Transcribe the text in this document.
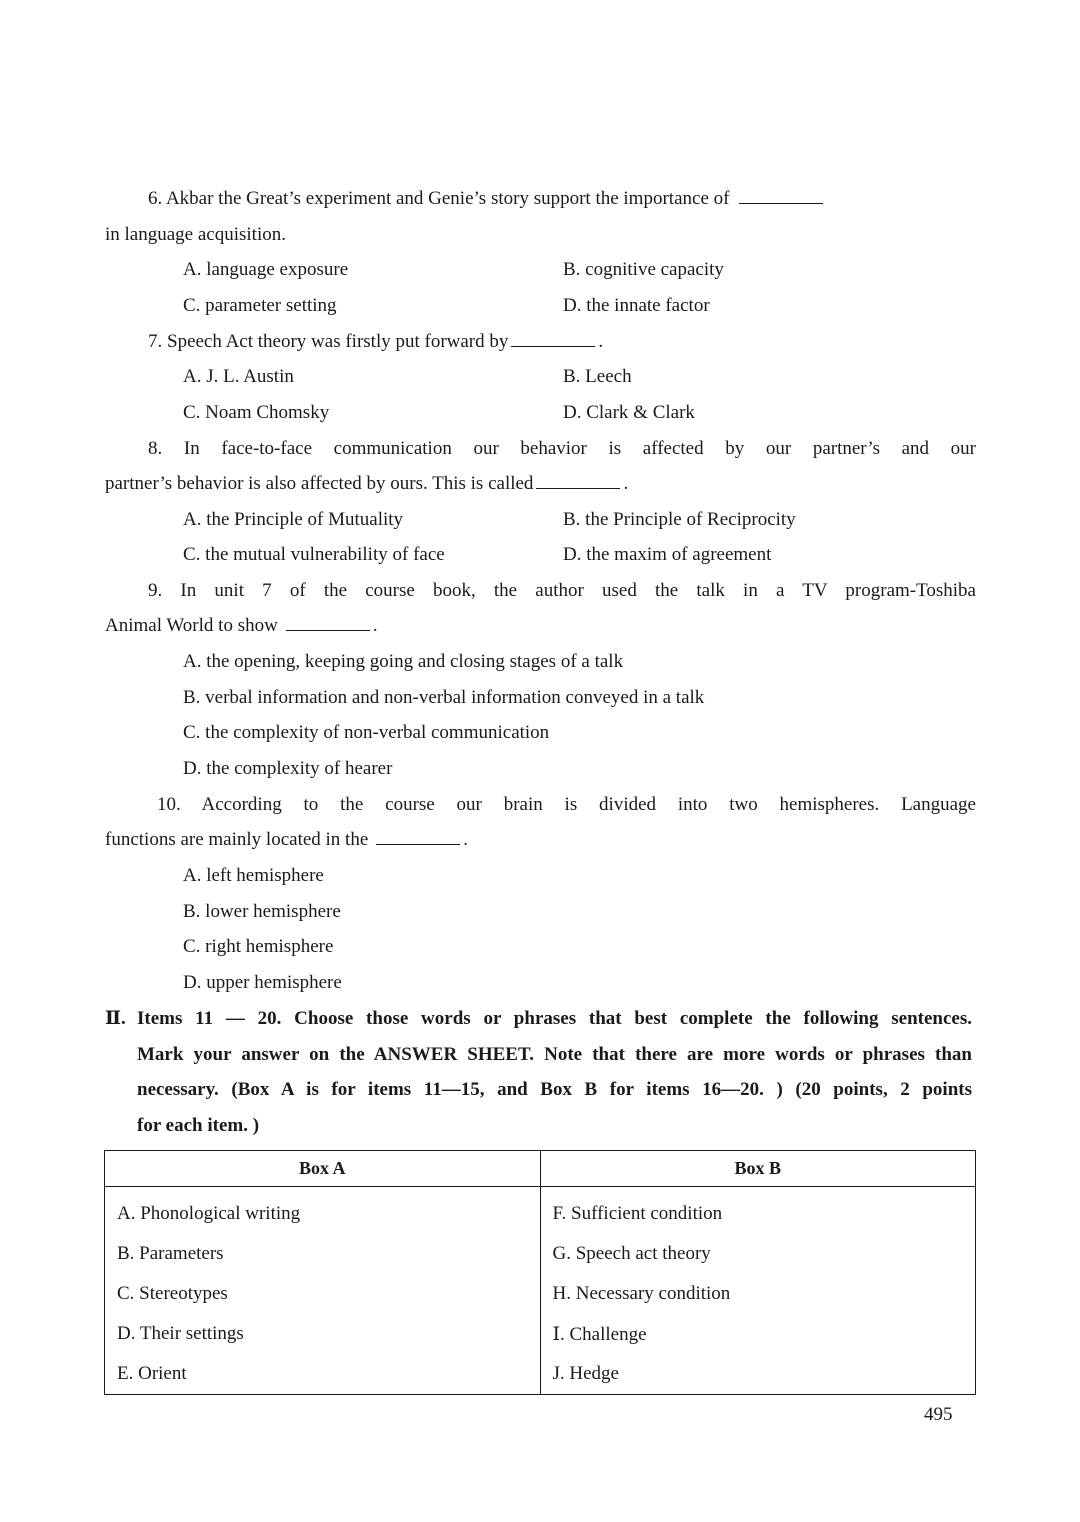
6. Akbar the Great’s experiment and Genie’s story support the importance of
in language acquisition.
A. language exposure	B. cognitive capacity
C. parameter setting	D. the innate factor
7. Speech Act theory was firstly put forward by	.
A. J. L. Austin	B. Leech
C. Noam Chomsky	D. Clark & Clark
8. In face-to-face communication our behavior is affected by our partner’s and our
partner’s behavior is also affected by ours. This is called	.
A. the Principle of Mutuality	B. the Principle of Reciprocity
C. the mutual vulnerability of face	D. the maxim of agreement
9. In unit 7 of the course book, the author used the talk in a TV program-Toshiba
Animal World to show	.
A. the opening, keeping going and closing stages of a talk
B. verbal information and non-verbal information conveyed in a talk
C. the complexity of non-verbal communication
D. the complexity of hearer
10. According to the course our brain is divided into two hemispheres. Language
functions are mainly located in the	.
A. left hemisphere
B. lower hemisphere
C. right hemisphere
D. upper hemisphere
Ⅱ. Items 11 — 20. Choose those words or phrases that best complete the following sentences.
Mark your answer on the ANSWER SHEET. Note that there are more words or phrases than
necessary. (Box A is for items 11—15, and Box B for items 16—20. ) (20 points, 2 points
for each item. )
Box A	Box B
A. Phonological writing	F. Sufficient condition
B. Parameters	G. Speech act theory
C. Stereotypes	H. Necessary condition
D. Their settings	Ⅰ. Challenge
E. Orient	J. Hedge
495
